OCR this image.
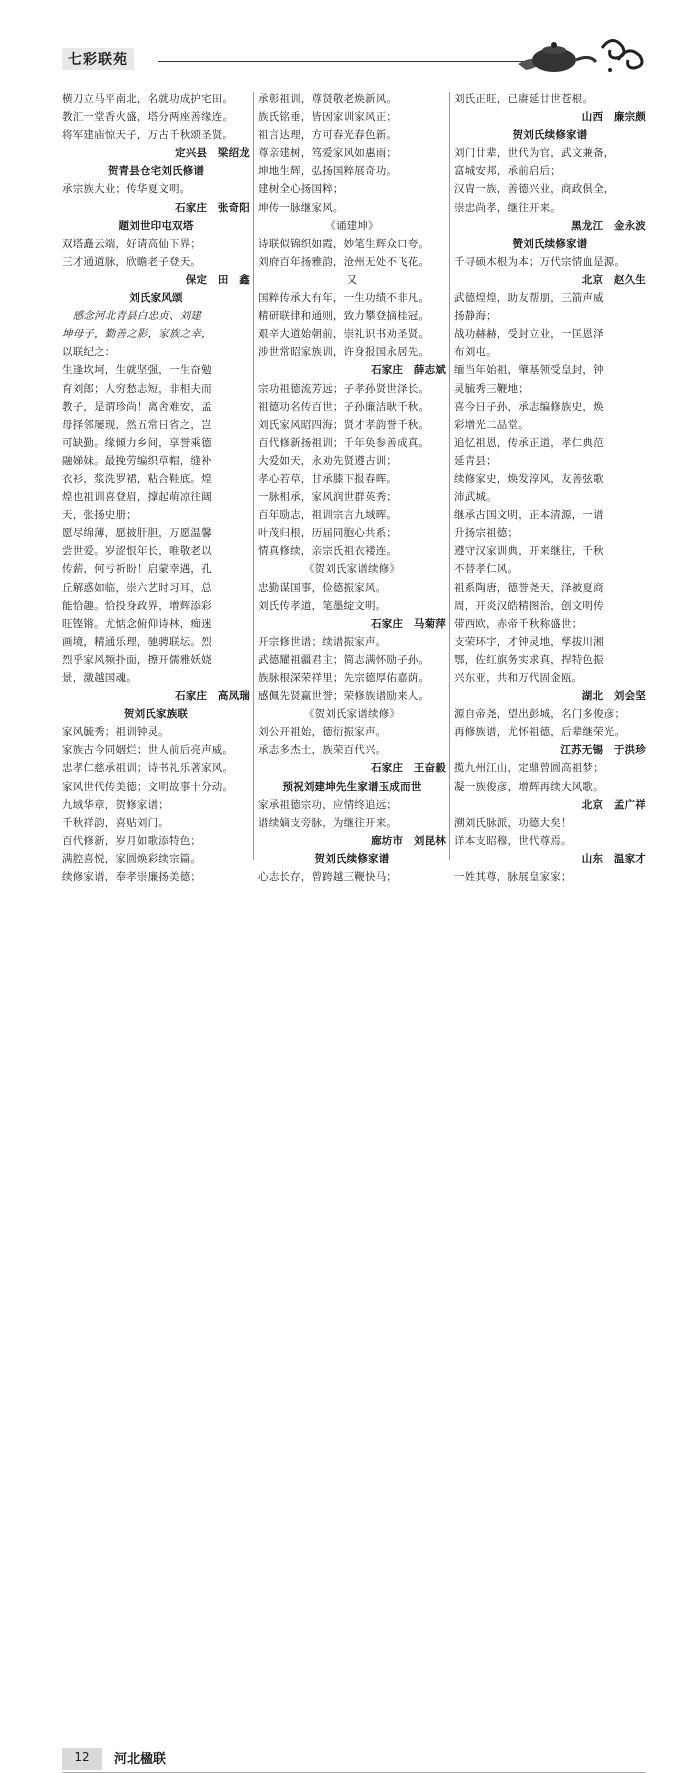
七彩联苑
横刀立马平南北，名就功成护宅田。
教汇一堂香火盛，塔分两座善缘连。
将军建庙惊天子，万古千秋颂圣贤。
定兴县　梁绍龙
贺青县仓宅刘氏修谱
承宗族大业；传华夏文明。
石家庄　张奇阳
题刘世印屯双塔
双塔矗云端，好请高仙下界；
三才通道脉，欣瞻老子登天。
保定　田　鑫
刘氏家风颂
　感念河北青县白忠贞、刘建
坤母子，勤善之影，家族之幸，
以联纪之：
生逢坎坷，生就坚强，一生奋勉
育刘郎；人穷愁志短，非相夫而
教子，是谓珍尚！离舍难安，孟
母择邻屡现，然五常日省之，岂
可缺勤。缘倾力乡间，享誉乘德
融娣妹。最挽劳编织草帽，缝补
衣衫，浆洗罗裙，粘合鞋底。煌
煌也祖训喜登眉，撑起萌凉往阔
天，张扬史册；
愿尽绵薄，愿披肝胆，万愿温馨
尝世爱。岁涩恨年长，唯敬老以
传薪，何亏祈盼！启蒙幸遇，孔
丘解惑如临，崇六艺时习耳，总
能恰趣。恰投身政界，增辉添彩
旺铿锵。尤惦念俯仰诗林，痴迷
画境，精通乐理，驰骋联坛。烈
烈乎家风频扑面，擦开儒雅妖娆
景，激越国魂。
石家庄　高凤瑞
贺刘氏家族联
家风毓秀；祖训钟灵。
家族古今同姻烂；世人前后亮声威。
忠孝仁慈承祖训；诗书礼乐著家风。
家风世代传美德；文明故事十分动。
九域华章，贺修家谱；
千秋祥韵，喜贴刘门。
百代修新，岁月如歌添特色；
满腔喜悦，家圆焕彩续宗篇。
续修家谱，奉孝崇廉扬美德；
承彰祖训，尊贤敬老焕新风。
族氏铭垂，皆因家训家风正；
祖言达理，方可春光春色新。
尊亲建树，笃爱家风如惠雨；
坤地生辉，弘扬国粹展奇功。
建树全心扬国粹；
坤传一脉继家风。
《诵建坤》
诗联似锦织如霞，妙笔生辉众口夸。
刘府百年扬雅韵，沧州无处不飞花。
又
国粹传承大有年，一生功绩不非凡。
精研联律和通则，致力攀登摘桂冠。
艰辛大道始朝前，崇礼识书劝圣贤。
涉世常昭家族训，许身报国永居先。
石家庄　薛志斌
宗功祖德流芳远；子孝孙贤世泽长。
祖德功名传百世；子孙廉洁耿千秋。
刘氏家风昭四海；贤才孝韵誉千秋。
百代修新扬祖训；千年奂参善成真。
大爱如天，永劝先贤遵古训；
孝心若草，甘承膝下报春晖。
一脉相承，家风润世群英秀；
百年励志，祖训宗言九域晖。
叶茂归根，历届同胞心共系；
情真修续，亲宗氏祖衣褛连。
《贺刘氏家谱续修》
忠勤谋国事，俭德振家风。
刘氏传孝道，笔墨绽文明。
石家庄　马菊萍
开宗修世谱；续谱振家声。
武德耀祖疆君主；简志满怀励子孙。
族脉根深荣祥里；先宗德厚佑嘉荫。
感佩先贤赢世誉；荣修族谱励来人。
《贺刘氏家谱续修》
刘公开祖始，德衍振家声。
承志多杰士，族荣百代兴。
石家庄　王奋毅
预祝刘建坤先生家谱玉成而世
家承祖德宗功，应情终追远；
谱续嫡支旁脉，为继往开来。
廊坊市　刘昆林
贺刘氏续修家谱
心志长存，曾跨越三鞭快马；
刘氏正旺，已赓延廿世苍根。
山西　廉宗颇
贺刘氏续修家谱
刘门廿辈，世代为官，武文兼备，
富城安邦，承前启后；
汉胄一族，善德兴业，商政俱全，
崇忠尚孝，继往开来。
黑龙江　金永波
赞刘氏续修家谱
千寻硕木根为本；万代宗情血是源。
北京　赵久生
武德煌煌，助友帮朋，三箭声威
扬静海；
战功赫赫，受封立业，一匡恩泽
布刘屯。
缅当年始祖，肇基领受皇封，钟
灵毓秀三鞭地；
喜今日子孙，承志编修族史，焕
彩增光二品堂。
追忆祖恩，传承正道，孝仁典范
延青县；
续修家史，焕发淳风，友善弦歌
沛武城。
继承古国文明，正本清源，一谱
升扬宗祖德；
遵守汉家训典，开来继往，千秋
不替孝仁风。
祖系陶唐，德誉尧天，泽被夏商
周，开炎汉皓精图治，创文明传
带西欧，赤帝千秋称盛世；
支荣环宇，才钟灵地，孳拔川湘
鄂，佐红旗务实求真，捍特色振
兴东亚，共和万代固金瓯。
湖北　刘会坚
源自帝尧，望出彭城，名门多俊彦；
再修族谱，尤怀祖德，后辈继荣光。
江苏无锡　于洪珍
揽九州江山，定鼎曾圆高祖梦；
凝一族俊彦，增辉再续大风歌。
北京　孟广祥
溯刘氏脉派，功德大矣！
详本支昭穆，世代尊焉。
山东　温家才
一姓其尊，脉展皇家家；
12	河北楹联
